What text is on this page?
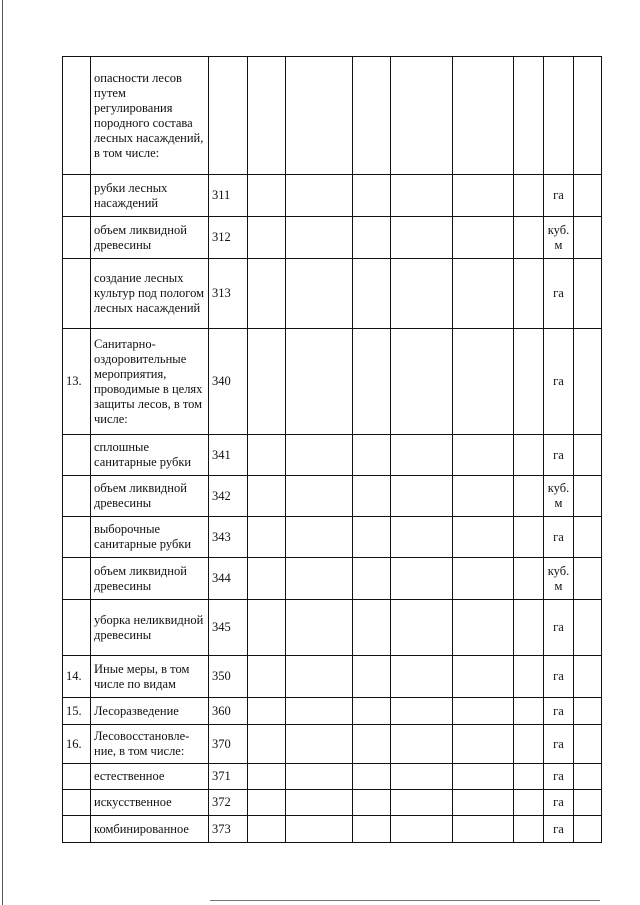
	опасности лесов путем регулирования породного состава лесных насаждений, в том числе:									
	рубки лесных насаждений	311							га	
	объем ликвидной древесины	312							куб. м	
	создание лесных культур под пологом лесных насаждений	313							га	
13.	Санитарно-оздоровительные мероприятия, проводимые в целях защиты лесов, в том числе:	340							га	
	сплошные санитарные рубки	341							га	
	объем ликвидной древесины	342							куб. м	
	выборочные санитарные рубки	343							га	
	объем ликвидной древесины	344							куб. м	
	уборка неликвидной древесины	345							га	
14.	Иные меры, в том числе по видам	350							га	
15.	Лесоразведение	360							га	
16.	Лесовосстановле-ние, в том числе:	370							га	
	естественное	371							га	
	искусственное	372							га	
	комбинированное	373							га	
